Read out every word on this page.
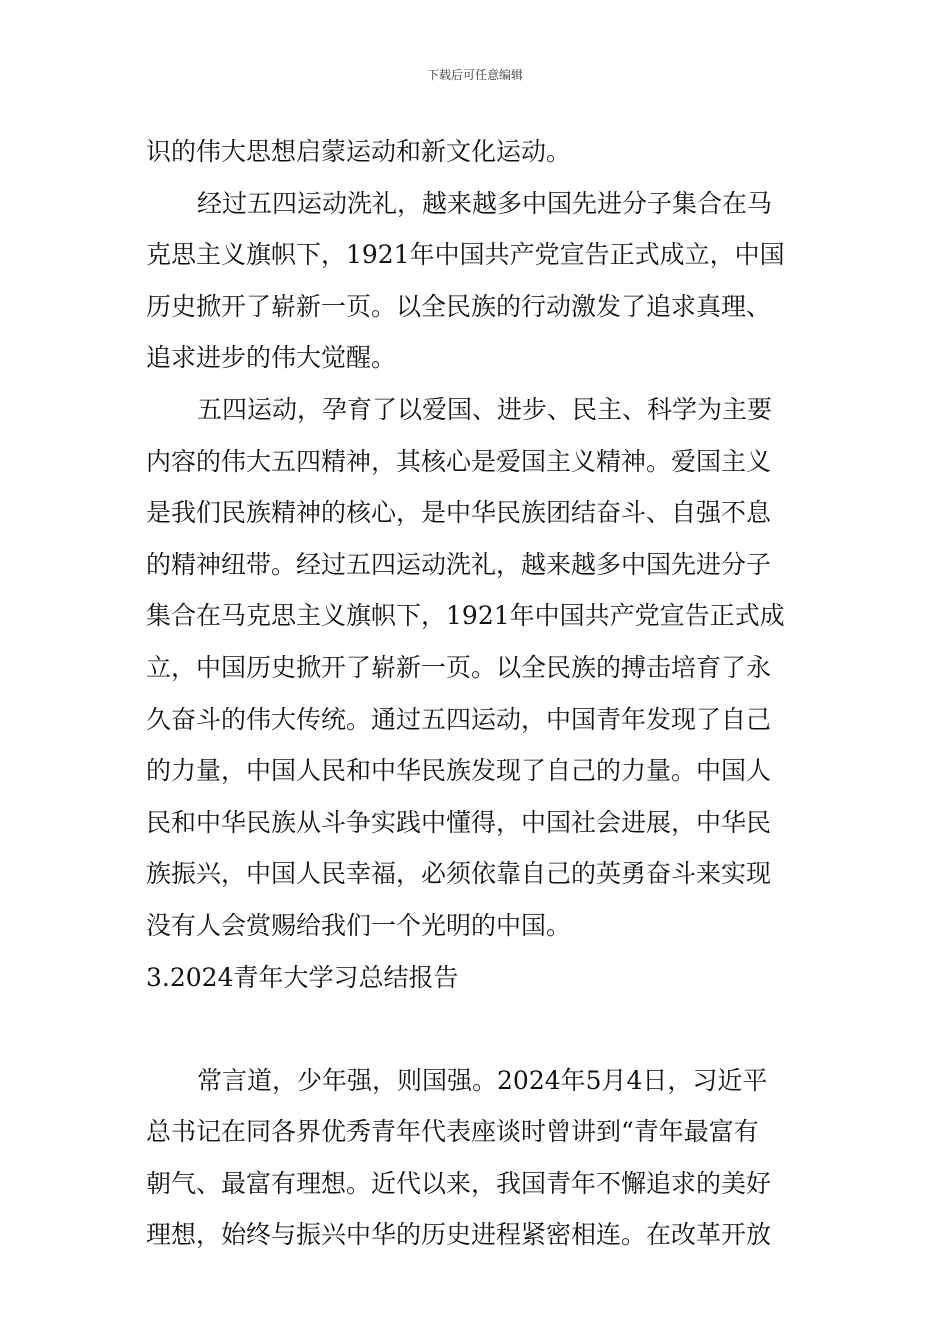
下载后可任意编辑
识的伟大思想启蒙运动和新文化运动。
经过五四运动洗礼，越来越多中国先进分子集合在马
克思主义旗帜下，1921年中国共产党宣告正式成立，中国
历史掀开了崭新一页。以全民族的行动激发了追求真理、
追求进步的伟大觉醒。
五四运动，孕育了以爱国、进步、民主、科学为主要
内容的伟大五四精神，其核心是爱国主义精神。爱国主义
是我们民族精神的核心，是中华民族团结奋斗、自强不息
的精神纽带。经过五四运动洗礼，越来越多中国先进分子
集合在马克思主义旗帜下，1921年中国共产党宣告正式成
立，中国历史掀开了崭新一页。以全民族的搏击培育了永
久奋斗的伟大传统。通过五四运动，中国青年发现了自己
的力量，中国人民和中华民族发现了自己的力量。中国人
民和中华民族从斗争实践中懂得，中国社会进展，中华民
族振兴，中国人民幸福，必须依靠自己的英勇奋斗来实现
没有人会赏赐给我们一个光明的中国。
3.2024青年大学习总结报告
常言道，少年强，则国强。2024年5月4日，习近平
总书记在同各界优秀青年代表座谈时曾讲到“青年最富有
朝气、最富有理想。近代以来，我国青年不懈追求的美好
理想，始终与振兴中华的历史进程紧密相连。在改革开放
